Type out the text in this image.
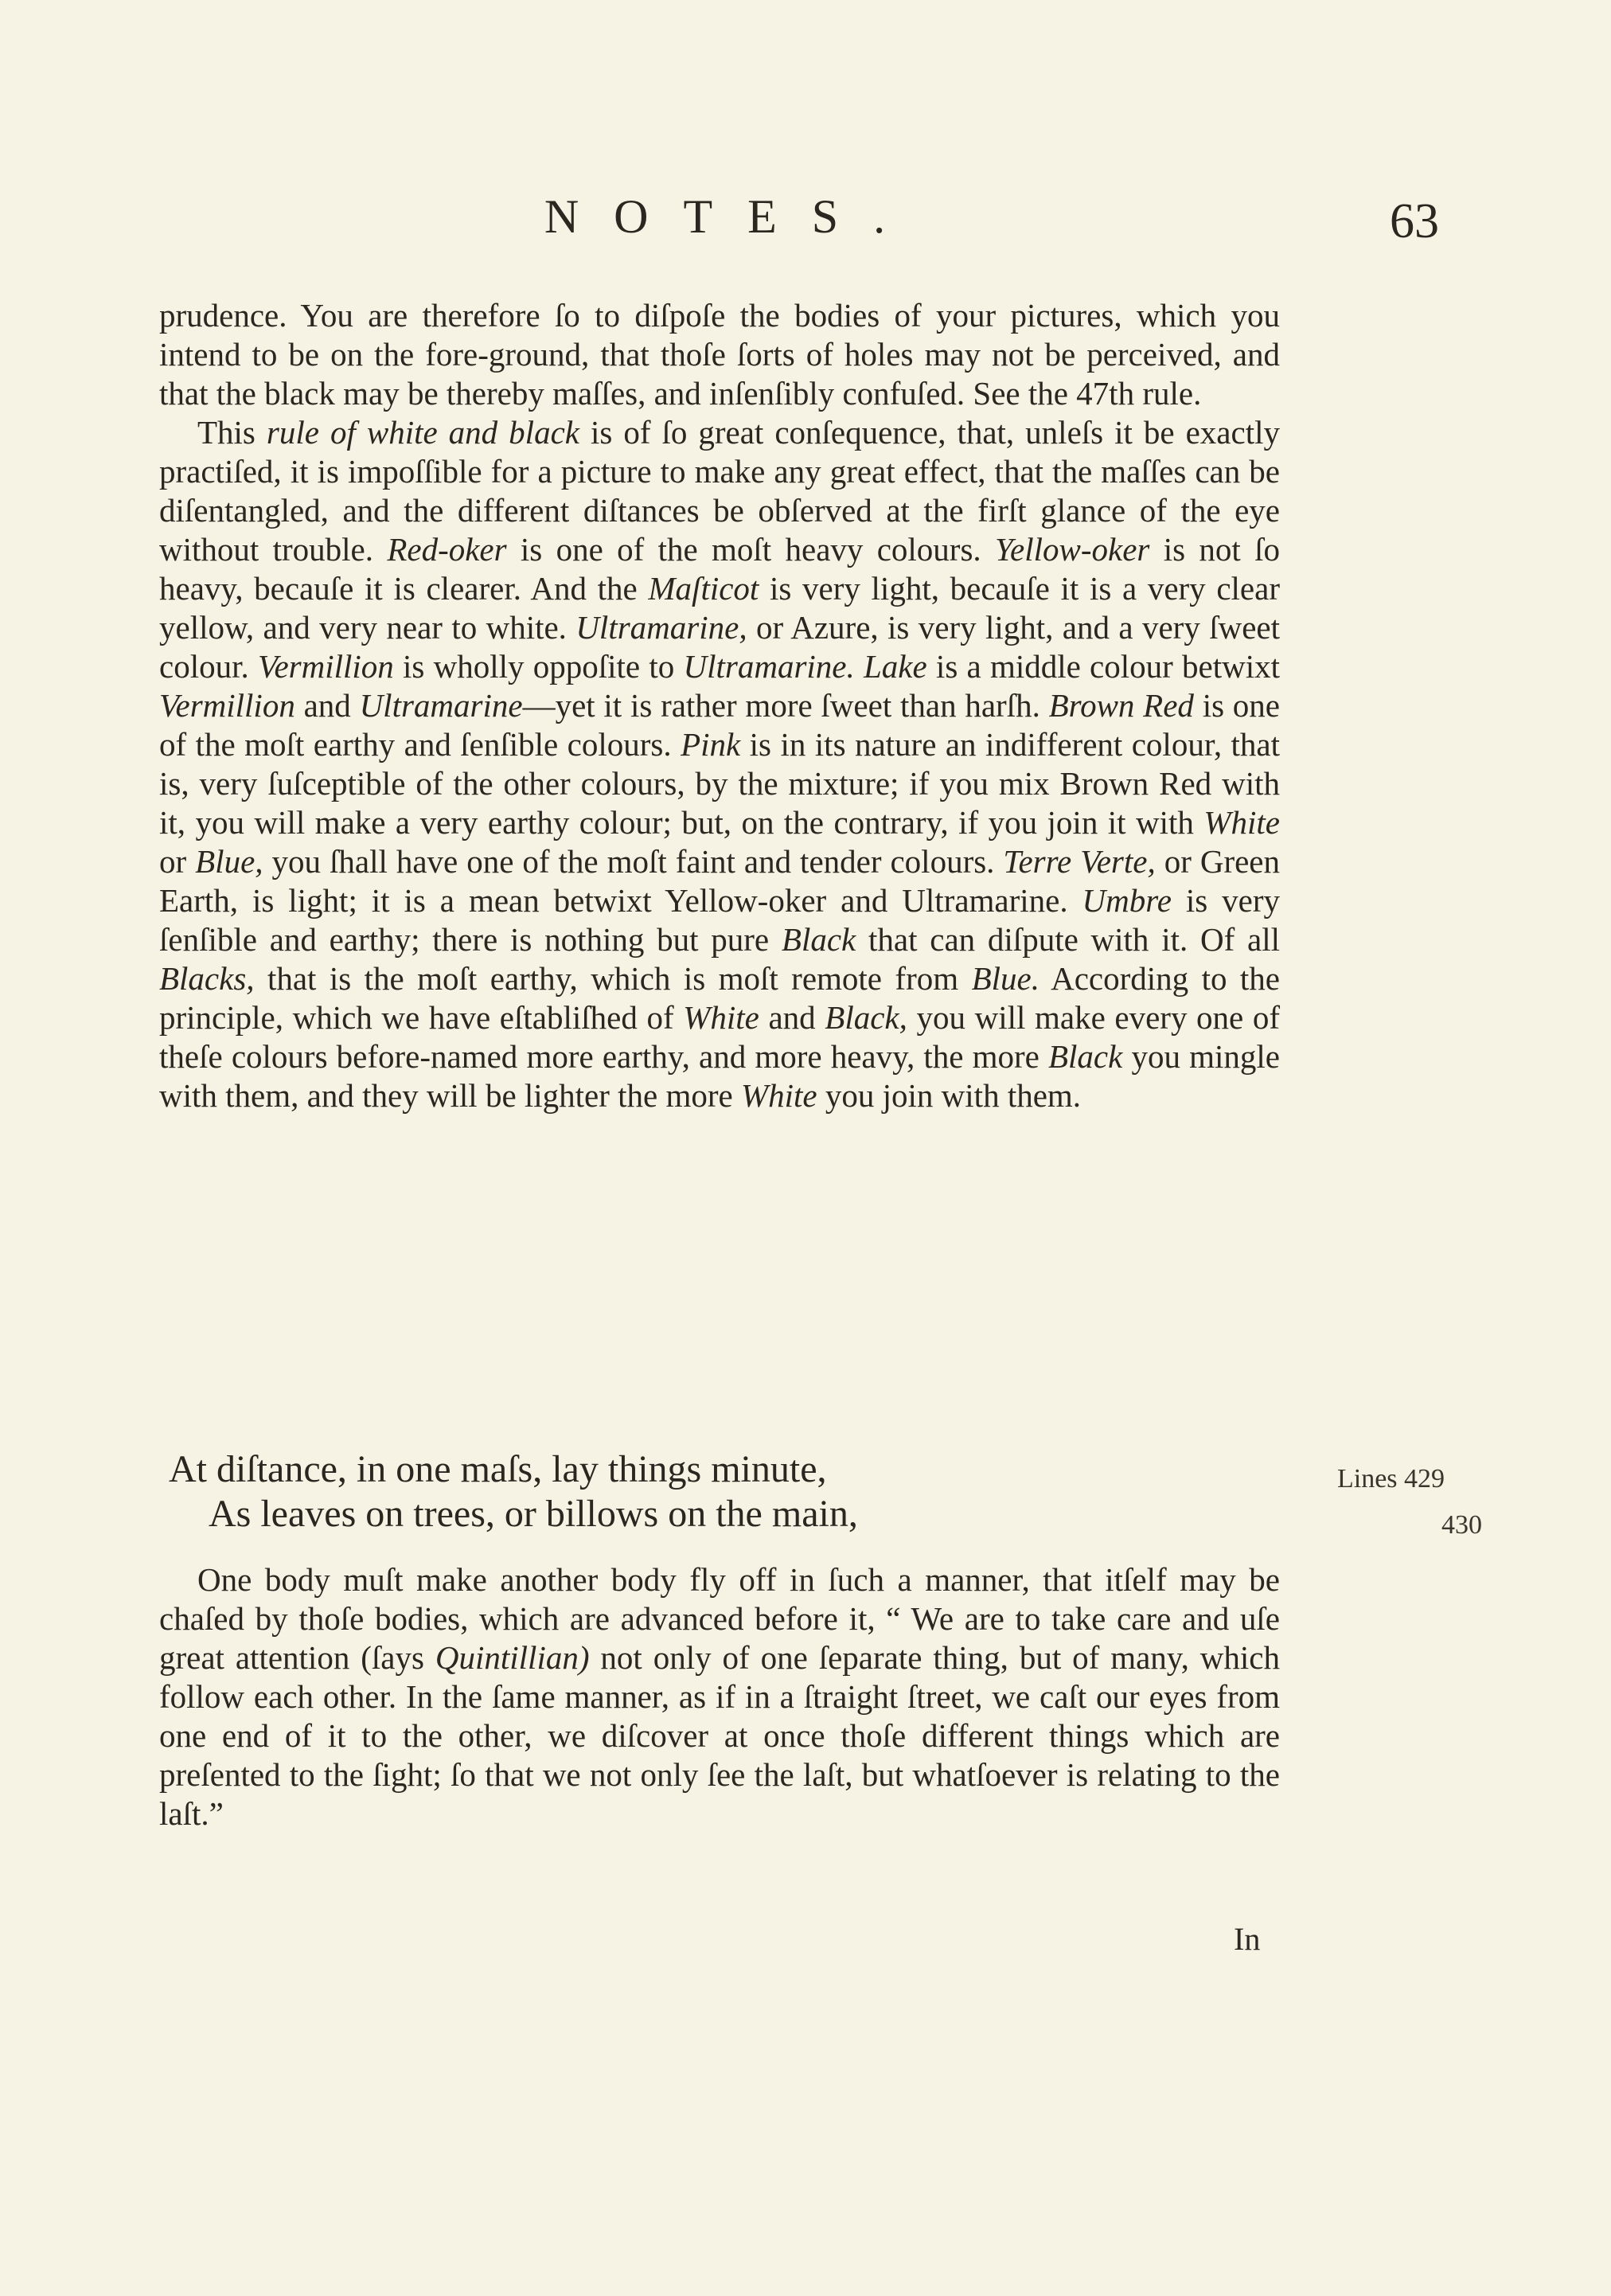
NOTES.	63

prudence. You are therefore ſo to diſpoſe the bodies of your pictures, which you intend to be on the fore-ground, that thoſe ſorts of holes may not be perceived, and that the black may be thereby maſſes, and inſenſibly confuſed. See the 47th rule.

This rule of white and black is of ſo great conſequence, that, unleſs it be exactly practiſed, it is impoſſible for a picture to make any great effect, that the maſſes can be diſentangled, and the different diſtances be obſerved at the firſt glance of the eye without trouble. Red-oker is one of the moſt heavy colours. Yellow-oker is not ſo heavy, becauſe it is clearer. And the Maſticot is very light, becauſe it is a very clear yellow, and very near to white. Ultramarine, or Azure, is very light, and a very ſweet colour. Vermillion is wholly oppoſite to Ultramarine. Lake is a middle colour betwixt Vermillion and Ultramarine—yet it is rather more ſweet than harſh. Brown Red is one of the moſt earthy and ſenſible colours. Pink is in its nature an indifferent colour, that is, very ſuſceptible of the other colours, by the mixture; if you mix Brown Red with it, you will make a very earthy colour; but, on the contrary, if you join it with White or Blue, you ſhall have one of the moſt faint and tender colours. Terre Verte, or Green Earth, is light; it is a mean betwixt Yellow-oker and Ultramarine. Umbre is very ſenſible and earthy; there is nothing but pure Black that can diſpute with it. Of all Blacks, that is the moſt earthy, which is moſt remote from Blue. According to the principle, which we have eſtabliſhed of White and Black, you will make every one of theſe colours before-named more earthy, and more heavy, the more Black you mingle with them, and they will be lighter the more White you join with them.

At diſtance, in one maſs, lay things minute,
As leaves on trees, or billows on the main,
Lines 429
430

One body muſt make another body fly off in ſuch a manner, that itſelf may be chaſed by thoſe bodies, which are advanced before it, “ We are to take care and uſe great attention (ſays Quintillian) not only of one ſeparate thing, but of many, which follow each other. In the ſame manner, as if in a ſtraight ſtreet, we caſt our eyes from one end of it to the other, we diſcover at once thoſe different things which are preſented to the ſight; ſo that we not only ſee the laſt, but whatſoever is relating to the laſt.”

In
